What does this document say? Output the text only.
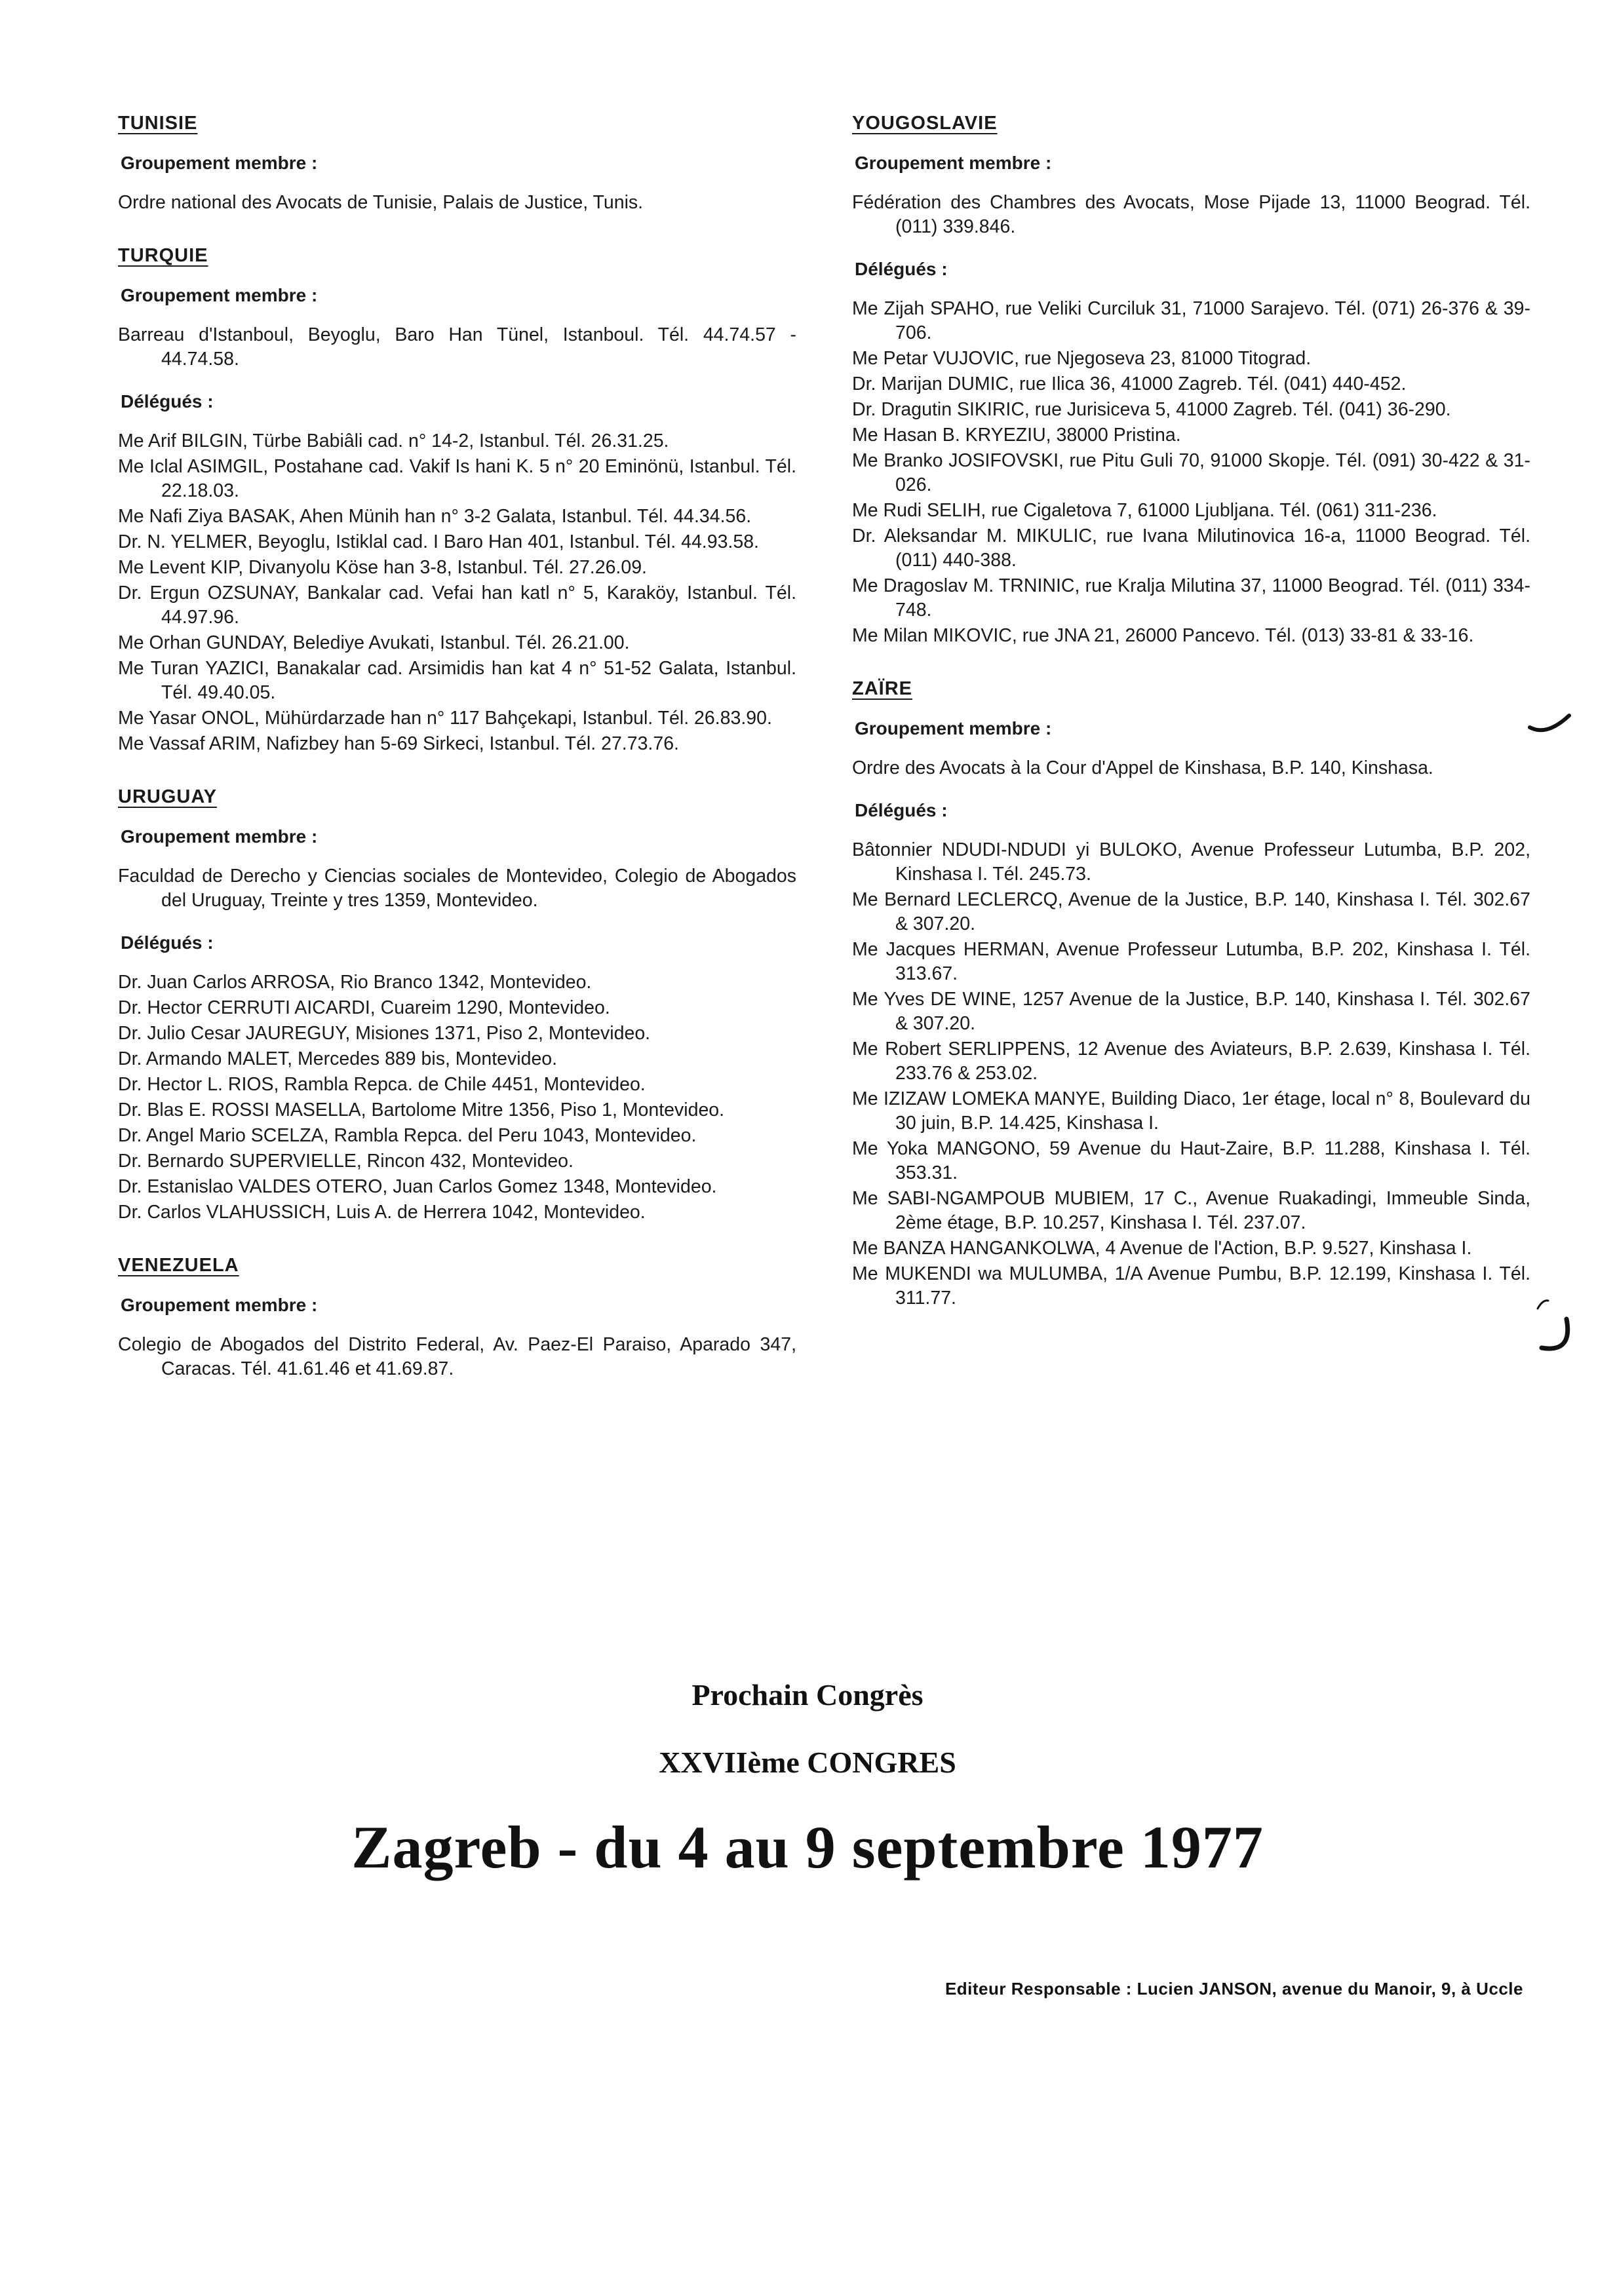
TUNISIE
Groupement membre :

Ordre national des Avocats de Tunisie, Palais de Justice, Tunis.

TURQUIE
Groupement membre :

Barreau d'Istanboul, Beyoglu, Baro Han Tünel, Istanboul. Tél. 44.74.57 - 44.74.58.

Délégués :

Me Arif BILGIN, Türbe Babiâli cad. n° 14-2, Istanbul. Tél. 26.31.25.

Me Iclal ASIMGIL, Postahane cad. Vakif Is hani K. 5 n° 20 Eminönü, Istanbul. Tél. 22.18.03.

Me Nafi Ziya BASAK, Ahen Münih han n° 3-2 Galata, Istanbul. Tél. 44.34.56.

Dr. N. YELMER, Beyoglu, Istiklal cad. I Baro Han 401, Istanbul. Tél. 44.93.58.

Me Levent KIP, Divanyolu Köse han 3-8, Istanbul. Tél. 27.26.09.

Dr. Ergun OZSUNAY, Bankalar cad. Vefai han katl n° 5, Karaköy, Istanbul. Tél. 44.97.96.

Me Orhan GUNDAY, Belediye Avukati, Istanbul. Tél. 26.21.00.

Me Turan YAZICI, Banakalar cad. Arsimidis han kat 4 n° 51-52 Galata, Istanbul. Tél. 49.40.05.

Me Yasar ONOL, Mühürdarzade han n° 117 Bahçekapi, Istanbul. Tél. 26.83.90.

Me Vassaf ARIM, Nafizbey han 5-69 Sirkeci, Istanbul. Tél. 27.73.76.

URUGUAY
Groupement membre :

Faculdad de Derecho y Ciencias sociales de Montevideo, Colegio de Abogados del Uruguay, Treinte y tres 1359, Montevideo.

Délégués :

Dr. Juan Carlos ARROSA, Rio Branco 1342, Montevideo.

Dr. Hector CERRUTI AICARDI, Cuareim 1290, Montevideo.

Dr. Julio Cesar JAUREGUY, Misiones 1371, Piso 2, Montevideo.

Dr. Armando MALET, Mercedes 889 bis, Montevideo.

Dr. Hector L. RIOS, Rambla Repca. de Chile 4451, Montevideo.

Dr. Blas E. ROSSI MASELLA, Bartolome Mitre 1356, Piso 1, Montevideo.

Dr. Angel Mario SCELZA, Rambla Repca. del Peru 1043, Montevideo.

Dr. Bernardo SUPERVIELLE, Rincon 432, Montevideo.

Dr. Estanislao VALDES OTERO, Juan Carlos Gomez 1348, Montevideo.

Dr. Carlos VLAHUSSICH, Luis A. de Herrera 1042, Montevideo.

VENEZUELA
Groupement membre :

Colegio de Abogados del Distrito Federal, Av. Paez-El Paraiso, Aparado 347, Caracas. Tél. 41.61.46 et 41.69.87.

YOUGOSLAVIE
Groupement membre :

Fédération des Chambres des Avocats, Mose Pijade 13, 11000 Beograd. Tél. (011) 339.846.

Délégués :

Me Zijah SPAHO, rue Veliki Curciluk 31, 71000 Sarajevo. Tél. (071) 26-376 & 39-706.

Me Petar VUJOVIC, rue Njegoseva 23, 81000 Titograd.

Dr. Marijan DUMIC, rue Ilica 36, 41000 Zagreb. Tél. (041) 440-452.

Dr. Dragutin SIKIRIC, rue Jurisiceva 5, 41000 Zagreb. Tél. (041) 36-290.

Me Hasan B. KRYEZIU, 38000 Pristina.

Me Branko JOSIFOVSKI, rue Pitu Guli 70, 91000 Skopje. Tél. (091) 30-422 & 31-026.

Me Rudi SELIH, rue Cigaletova 7, 61000 Ljubljana. Tél. (061) 311-236.

Dr. Aleksandar M. MIKULIC, rue Ivana Milutinovica 16-a, 11000 Beograd. Tél. (011) 440-388.

Me Dragoslav M. TRNINIC, rue Kralja Milutina 37, 11000 Beograd. Tél. (011) 334-748.

Me Milan MIKOVIC, rue JNA 21, 26000 Pancevo. Tél. (013) 33-81 & 33-16.

ZAÏRE
Groupement membre :

Ordre des Avocats à la Cour d'Appel de Kinshasa, B.P. 140, Kinshasa.

Délégués :

Bâtonnier NDUDI-NDUDI yi BULOKO, Avenue Professeur Lutumba, B.P. 202, Kinshasa I. Tél. 245.73.

Me Bernard LECLERCQ, Avenue de la Justice, B.P. 140, Kinshasa I. Tél. 302.67 & 307.20.

Me Jacques HERMAN, Avenue Professeur Lutumba, B.P. 202, Kinshasa I. Tél. 313.67.

Me Yves DE WINE, 1257 Avenue de la Justice, B.P. 140, Kinshasa I. Tél. 302.67 & 307.20.

Me Robert SERLIPPENS, 12 Avenue des Aviateurs, B.P. 2.639, Kinshasa I. Tél. 233.76 & 253.02.

Me IZIZAW LOMEKA MANYE, Building Diaco, 1er étage, local n° 8, Boulevard du 30 juin, B.P. 14.425, Kinshasa I.

Me Yoka MANGONO, 59 Avenue du Haut-Zaire, B.P. 11.288, Kinshasa I. Tél. 353.31.

Me SABI-NGAMPOUB MUBIEM, 17 C., Avenue Ruakadingi, Immeuble Sinda, 2ème étage, B.P. 10.257, Kinshasa I. Tél. 237.07.

Me BANZA HANGANKOLWA, 4 Avenue de l'Action, B.P. 9.527, Kinshasa I.

Me MUKENDI wa MULUMBA, 1/A Avenue Pumbu, B.P. 12.199, Kinshasa I. Tél. 311.77.

Prochain Congrès
XXVIIème CONGRES
Zagreb - du 4 au 9 septembre 1977
Editeur Responsable : Lucien JANSON, avenue du Manoir, 9, à Uccle
